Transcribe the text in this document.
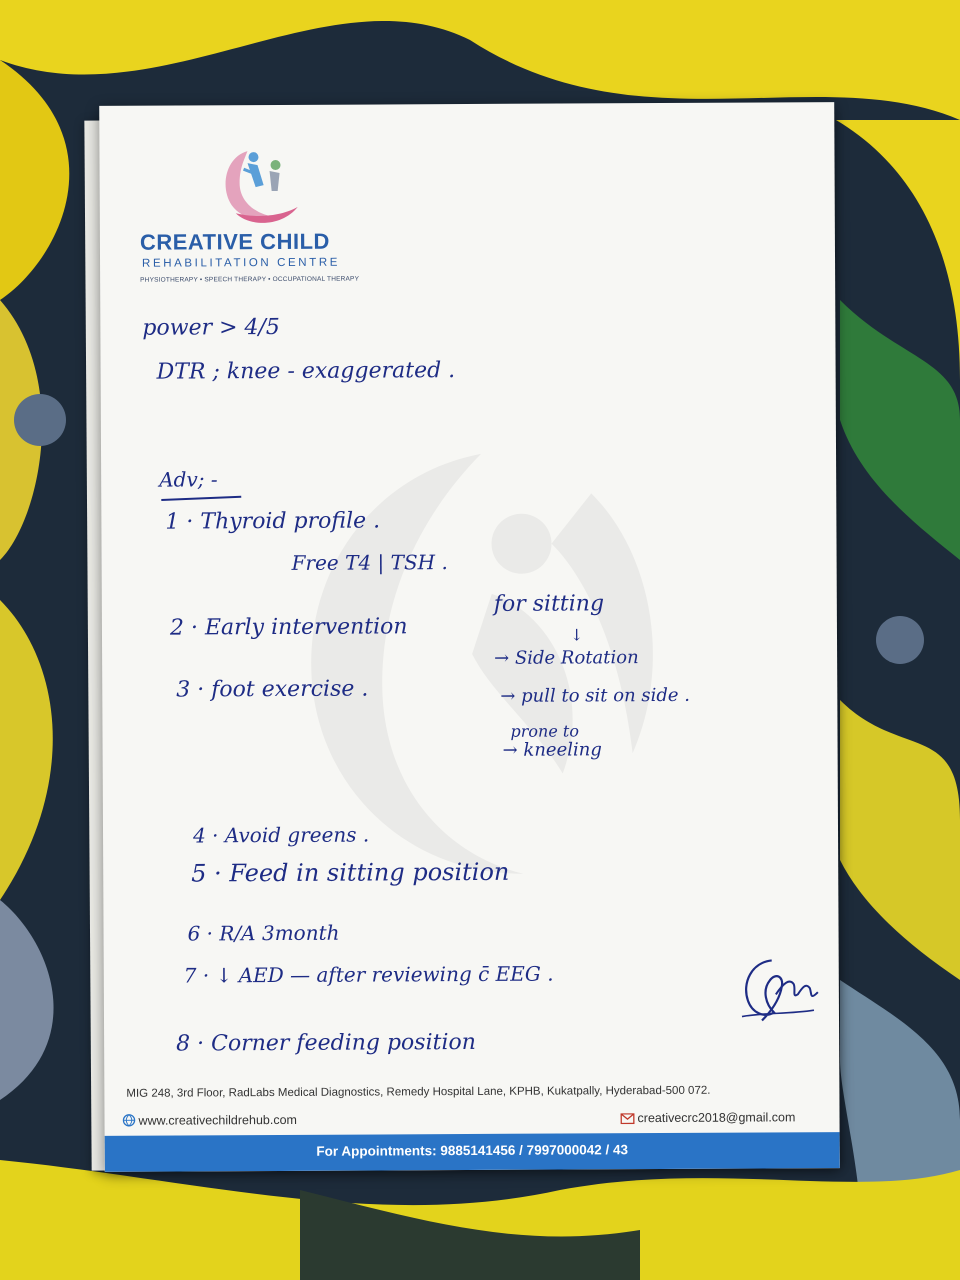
CREATIVE CHILD
REHABILITATION CENTRE
PHYSIOTHERAPY • SPEECH THERAPY • OCCUPATIONAL THERAPY
power > 4/5
DTR ; knee - exaggerated .
Adv; -
1 · Thyroid profile .
Free T4 | TSH .
2 · Early intervention
for sitting
↓
3 · foot exercise .
→ Side Rotation
→ pull to sit on side .
prone to
→ kneeling
4 · Avoid greens .
5 · Feed in sitting position
6 · R/A 3month
7 · ↓ AED — after reviewing c̄ EEG .
8 · Corner feeding position
MIG 248, 3rd Floor, RadLabs Medical Diagnostics, Remedy Hospital Lane, KPHB, Kukatpally, Hyderabad-500 072.
www.creativechildrehub.com	creativecrc2018@gmail.com
For Appointments: 9885141456 / 7997000042 / 43
